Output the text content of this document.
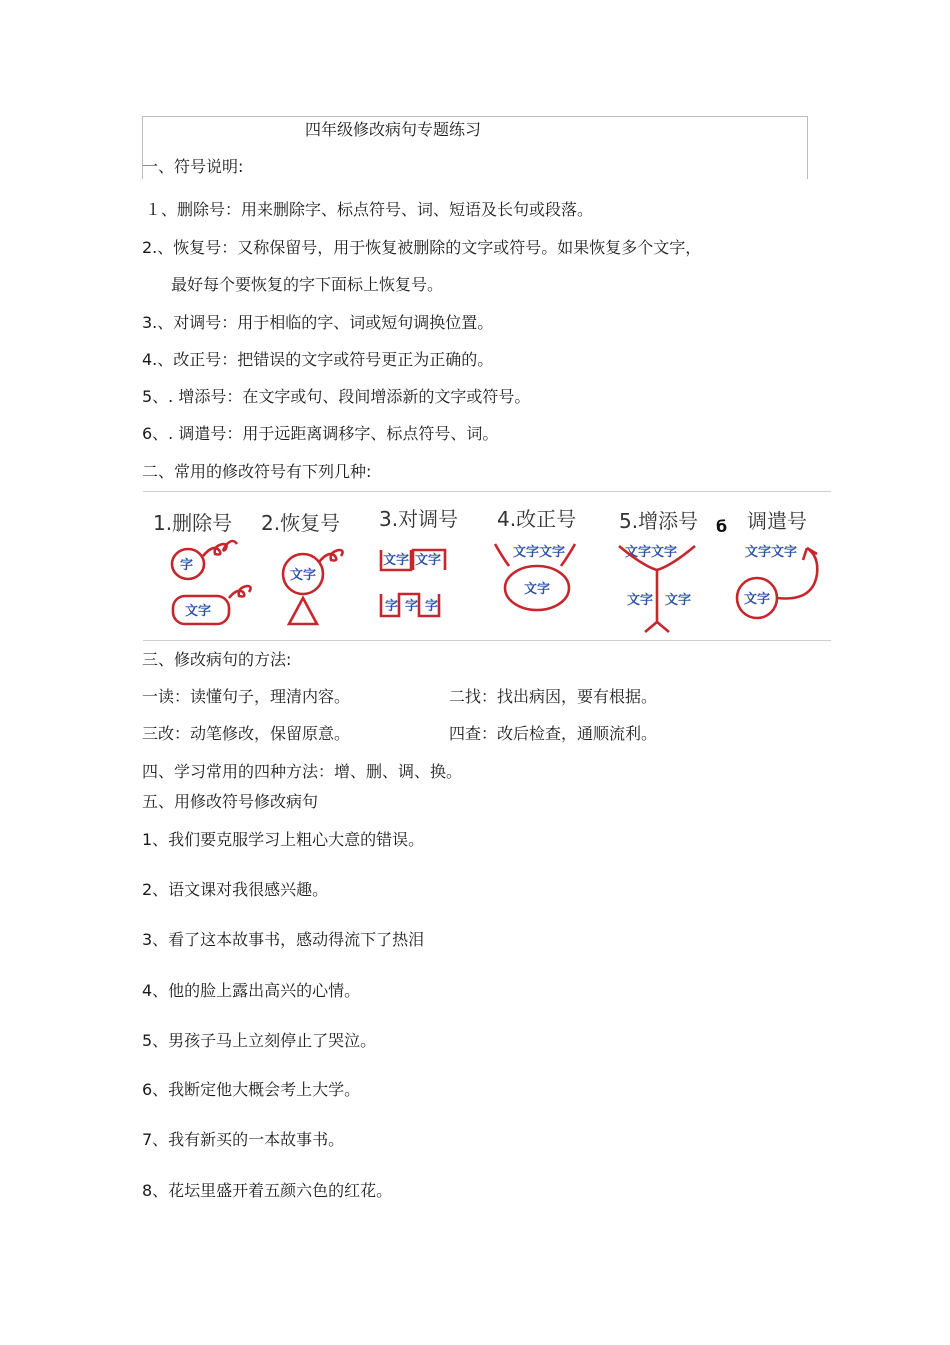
四年级修改病句专题练习
一、符号说明:
１、删除号：用来删除字、标点符号、词、短语及长句或段落。
2.、恢复号：又称保留号，用于恢复被删除的文字或符号。如果恢复多个文字，
最好每个要恢复的字下面标上恢复号。
3.、对调号：用于相临的字、词或短句调换位置。
4.、改正号：把错误的文字或符号更正为正确的。
5、. 增添号：在文字或句、段间增添新的文字或符号。
6、. 调遣号：用于远距离调移字、标点符号、词。
二、常用的修改符号有下列几种:
1.删除号 2.恢复号 3.对调号 4.改正号 5.增添号 б 调遣号
字
文字
文字
文字 文字
字 字 字
文字文字
文字
文字文字
文字 文字
文字文字
文字
三、修改病句的方法:
一读：读懂句子，理清内容。	二找：找出病因，要有根据。
三改：动笔修改，保留原意。	四查：改后检查，通顺流利。
四、学习常用的四种方法：增、删、调、换。
五、用修改符号修改病句
1、我们要克服学习上粗心大意的错误。
2、语文课对我很感兴趣。
3、看了这本故事书，感动得流下了热泪
4、他的脸上露出高兴的心情。
5、男孩子马上立刻停止了哭泣。
6、我断定他大概会考上大学。
7、我有新买的一本故事书。
8、花坛里盛开着五颜六色的红花。
